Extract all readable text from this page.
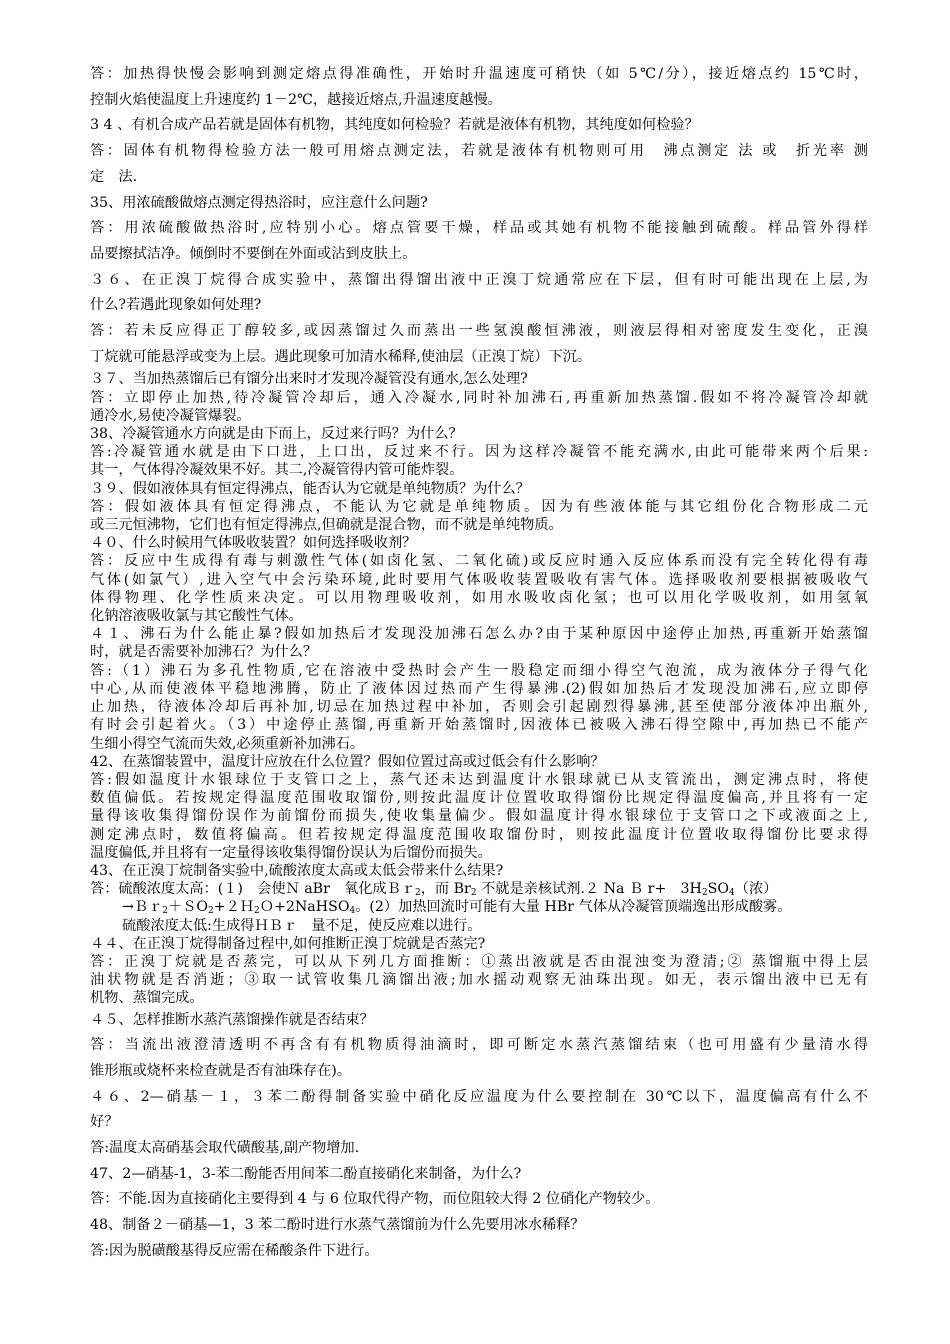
答：加热得快慢会影响到测定熔点得准确性，开始时升温速度可稍快（如 5℃/分），接近熔点约 15℃时，
控制火焰使温度上升速度约 1－2℃，越接近熔点,升温速度越慢。
3 4 、有机合成产品若就是固体有机物，其纯度如何检验？若就是液体有机物，其纯度如何检验？
答：固体有机物得检验方法一般可用熔点测定法，若就是液体有机物则可用　沸点测定 法 或　折光率 测
定　法.
35、用浓硫酸做熔点测定得热浴时，应注意什么问题?
答：用浓硫酸做热浴时,应特别小心。熔点管要干燥，样品或其她有机物不能接触到硫酸。样品管外得样
品要擦拭洁净。倾倒时不要倒在外面或沾到皮肤上。
３６、在正溴丁烷得合成实验中，蒸馏出得馏出液中正溴丁烷通常应在下层，但有时可能出现在上层,为
什么?若遇此现象如何处理?
答：若未反应得正丁醇较多,或因蒸馏过久而蒸出一些氢溴酸恒沸液，则液层得相对密度发生变化，正溴
丁烷就可能悬浮或变为上层。遇此现象可加清水稀释,使油层（正溴丁烷）下沉。
３７、当加热蒸馏后已有馏分出来时才发现冷凝管没有通水,怎么处理?
答：立即停止加热,待冷凝管冷却后，通入冷凝水,同时补加沸石,再重新加热蒸馏.假如不将冷凝管冷却就
通冷水,易使冷凝管爆裂。
38、冷凝管通水方向就是由下而上，反过来行吗？为什么？
答:冷凝管通水就是由下口进，上口出，反过来不行。因为这样冷凝管不能充满水,由此可能带来两个后果:
其一，气体得冷凝效果不好。其二,冷凝管得内管可能炸裂。
３９、假如液体具有恒定得沸点，能否认为它就是单纯物质？为什么？
答：假如液体具有恒定得沸点，不能认为它就是单纯物质。因为有些液体能与其它组份化合物形成二元
或三元恒沸物，它们也有恒定得沸点,但确就是混合物，而不就是单纯物质。
４０、什么时候用气体吸收装置？如何选择吸收剂？
答：反应中生成得有毒与刺激性气体(如卤化氢、二氧化硫)或反应时通入反应体系而没有完全转化得有毒
气体(如氯气）,进入空气中会污染环境,此时要用气体吸收装置吸收有害气体。选择吸收剂要根据被吸收气
体得物理、化学性质来决定。可以用物理吸收剂，如用水吸收卤化氢；也可以用化学吸收剂，如用氢氧
化钠溶液吸收氯与其它酸性气体。
４１、沸石为什么能止暴?假如加热后才发现没加沸石怎么办?由于某种原因中途停止加热,再重新开始蒸馏
时，就是否需要补加沸石？为什么？
答:（1）沸石为多孔性物质,它在溶液中受热时会产生一股稳定而细小得空气泡流，成为液体分子得气化
中心,从而使液体平稳地沸腾，防止了液体因过热而产生得暴沸.(2)假如加热后才发现没加沸石,应立即停
止加热，待液体冷却后再补加,切忌在加热过程中补加，否则会引起剧烈得暴沸,甚至使部分液体冲出瓶外,
有时会引起着火。（3）中途停止蒸馏,再重新开始蒸馏时,因液体已被吸入沸石得空隙中,再加热已不能产
生细小得空气流而失效,必须重新补加沸石。
42、在蒸馏装置中，温度计应放在什么位置？假如位置过高或过低会有什么影响？
答:假如温度计水银球位于支管口之上，蒸气还未达到温度计水银球就已从支管流出，测定沸点时，将使
数值偏低。若按规定得温度范围收取馏份,则按此温度计位置收取得馏份比规定得温度偏高,并且将有一定
量得该收集得馏份误作为前馏份而损失,使收集量偏少。假如温度计得水银球位于支管口之下或液面之上,
测定沸点时，数值将偏高。但若按规定得温度范围收取馏份时，则按此温度计位置收取得馏份比要求得
温度偏低,并且将有一定量得该收集得馏份误认为后馏份而损失。
43、在正溴丁烷制备实验中,硫酸浓度太高或太低会带来什么结果?
答：硫酸浓度太高：(１)　会使Ｎ aBr　氧化成Ｂｒ$_2$，而 $Br_2$ 不就是亲核试剂.２ Na Ｂ r+　$3H_2SO_4$（浓）
→Ｂｒ$_2$＋ＳO$_2$+２Ｈ$_2$Ｏ+2NaHSO$_4$。(2）加热回流时可能有大量 HBr 气体从冷凝管顶端逸出形成酸雾。
硫酸浓度太低:生成得ＨＢｒ　量不足，使反应难以进行。
４４、在正溴丁烷得制备过程中,如何推断正溴丁烷就是否蒸完?
答：正溴丁烷就是否蒸完，可以从下列几方面推断：①蒸出液就是否由混浊变为澄清;② 蒸馏瓶中得上层
油状物就是否消逝；③取一试管收集几滴馏出液;加水摇动观察无油珠出现。如无，表示馏出液中已无有
机物、蒸馏完成。
４５、怎样推断水蒸汽蒸馏操作就是否结束？
答：当流出液澄清透明不再含有有机物质得油滴时，即可断定水蒸汽蒸馏结束（也可用盛有少量清水得
锥形瓶或烧杯来检查就是否有油珠存在)。
４６、2—硝基－１，３苯二酚得制备实验中硝化反应温度为什么要控制在 30℃以下，温度偏高有什么不
好？
答:温度太高硝基会取代磺酸基,副产物增加.
47、2—硝基-1，3-苯二酚能否用间苯二酚直接硝化来制备，为什么?
答：不能.因为直接硝化主要得到 4 与 6 位取代得产物，而位阻较大得 2 位硝化产物较少。
48、制备２－硝基—1，3 苯二酚时进行水蒸气蒸馏前为什么先要用冰水稀释？
答:因为脱磺酸基得反应需在稀酸条件下进行。
